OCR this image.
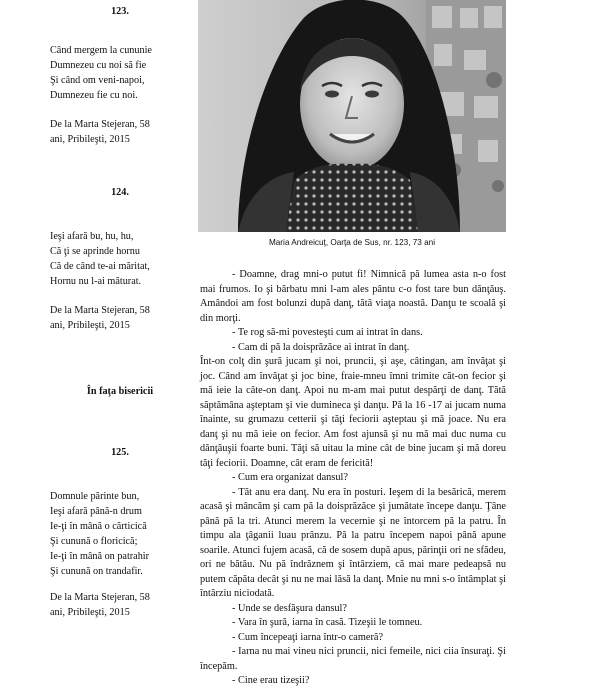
123.

Când mergem la cununie

Dumnezeu cu noi să fie

Şi când om veni-napoi,

Dumnezeu fie cu noi.

De la Marta Stejeran, 58

ani, Pribileşti, 2015

124.

Ieşi afară bu, hu, hu,

Că ţi se aprinde hornu

Că de când te-ai măritat,

Hornu nu l-ai măturat.

De la Marta Stejeran, 58

ani, Pribileşti, 2015

În faţa bisericii

125.

Domnule părinte bun,

Ieşi afară până-n drum

Ie-ţi în mână o cărticică

Şi cunună o floricică;

Ie-ţi în mână on patrahir

Şi cunună on trandafir.

De la Marta Stejeran, 58

ani, Pribileşti, 2015

Maria Andreicuţ, Oarţa de Sus, nr. 123, 73 ani

- Doamne, drag mni-o putut fi! Nimnică pă lumea asta n-o fost mai frumos. Io şi bărbatu mni l-am ales pântu c-o fost tare bun dănţăuş. Amândoi am fost bolunzi după danţ, tătă viaţa noastă. Danţu te scoală şi din morţi.

- Te rog să-mi povesteşti cum ai intrat în dans.

- Cam di pă la doisprăzăce ai intrat în danţ.

Înt-on colţ din şură jucam şi noi, pruncii, şi aşe, câtingan, am învăţat şi joc. Când am învăţat şi joc bine, fraie-mneu îmni trimite căt-on fecior şi mă ieie la căte-on danţ. Apoi nu m-am mai putut despărţi de danţ. Tătă săptămâna aşteptam şi vie dumineca şi danţu. Pă la 16 -17 ai jucam numa înainte, su grumazu cetterii şi tăţi feciorii aşteptau şi mă joace. Nu era danţ şi nu mă ieie on fecior. Am fost ajunsă şi nu mă mai duc numa cu dănţăuşii foarte buni. Tăţi să uitau la mine cât de bine jucam şi mă doreu tăţi feciorii. Doamne, cât eram de fericită!

- Cum era organizat dansul?

- Tăt anu era danţ. Nu era în posturi. Ieşem di la besărică, merem acasă şi mâncăm şi cam pă la doisprăzăce şi jumătate începe danţu. Ţâne până pă la tri. Atunci merem la vecernie şi ne întorcem pă la patru. În timpu ala ţâganii luau prânzu. Pă la patru începem napoi până apune soarile. Atunci fujem acasă, că de sosem după apus, părinţii ori ne sfădeu, ori ne bătău. Nu pă îndrăznem şi întârziem, că mai mare pedeapsă nu putem căpăta decât şi nu ne mai lăsă la danţ. Mnie nu mni s-o întâmplat şi întârziu niciodată.

- Unde se desfăşura dansul?

- Vara în şură, iarna în casă. Tizeşii le tomneu.

- Cum începeaţi iarna într-o cameră?

- Iarna nu mai vineu nici pruncii, nici femeile, nici ciia însuraţi. Şi începăm.

- Cine erau tizeşii?
